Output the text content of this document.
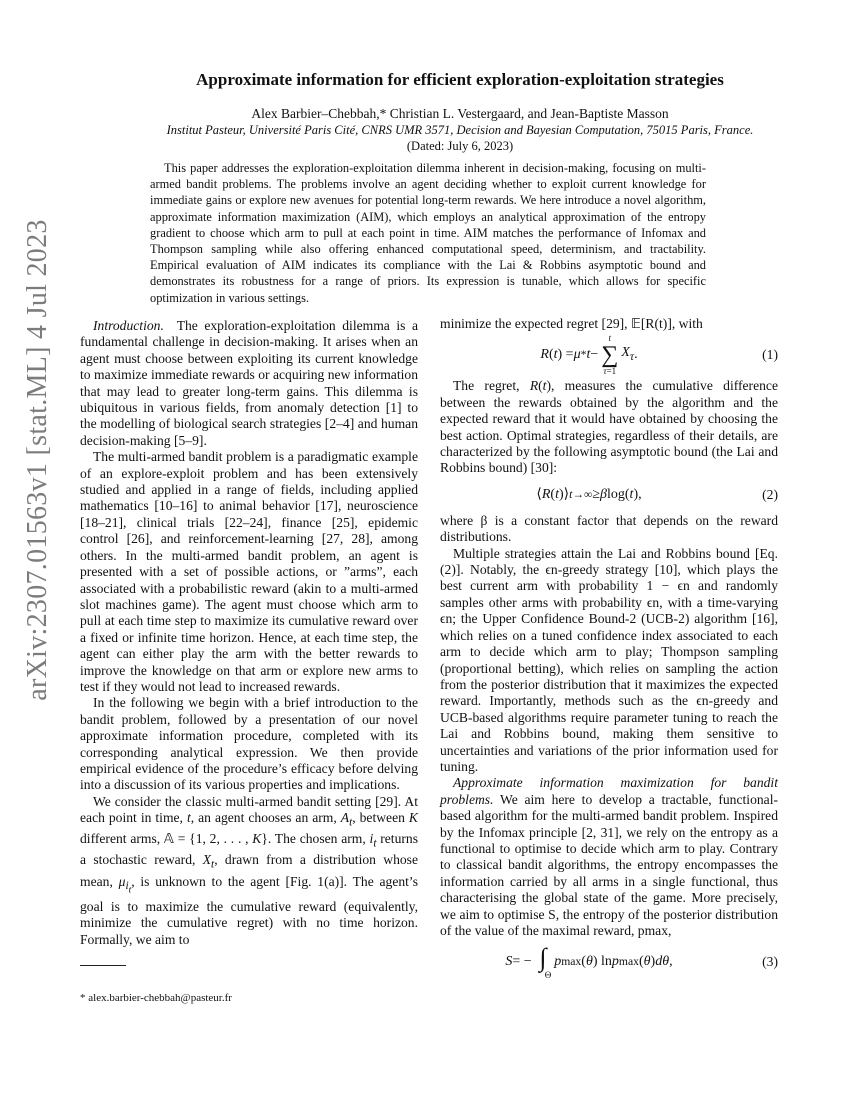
arXiv:2307.01563v1 [stat.ML] 4 Jul 2023
Approximate information for efficient exploration-exploitation strategies
Alex Barbier–Chebbah,* Christian L. Vestergaard, and Jean-Baptiste Masson
Institut Pasteur, Université Paris Cité, CNRS UMR 3571, Decision and Bayesian Computation, 75015 Paris, France.
(Dated: July 6, 2023)
This paper addresses the exploration-exploitation dilemma inherent in decision-making, focusing on multi-armed bandit problems. The problems involve an agent deciding whether to exploit current knowledge for immediate gains or explore new avenues for potential long-term rewards. We here introduce a novel algorithm, approximate information maximization (AIM), which employs an analytical approximation of the entropy gradient to choose which arm to pull at each point in time. AIM matches the performance of Infomax and Thompson sampling while also offering enhanced computational speed, determinism, and tractability. Empirical evaluation of AIM indicates its compliance with the Lai & Robbins asymptotic bound and demonstrates its robustness for a range of priors. Its expression is tunable, which allows for specific optimization in various settings.

Introduction. The exploration-exploitation dilemma is a fundamental challenge in decision-making. It arises when an agent must choose between exploiting its current knowledge to maximize immediate rewards or acquiring new information that may lead to greater long-term gains. This dilemma is ubiquitous in various fields, from anomaly detection [1] to the modelling of biological search strategies [2–4] and human decision-making [5–9].

The multi-armed bandit problem is a paradigmatic example of an explore-exploit problem and has been extensively studied and applied in a range of fields, including applied mathematics [10–16] to animal behavior [17], neuroscience [18–21], clinical trials [22–24], finance [25], epidemic control [26], and reinforcement-learning [27, 28], among others. In the multi-armed bandit problem, an agent is presented with a set of possible actions, or ”arms”, each associated with a probabilistic reward (akin to a multi-armed slot machines game). The agent must choose which arm to pull at each time step to maximize its cumulative reward over a fixed or infinite time horizon. Hence, at each time step, the agent can either play the arm with the better rewards to improve the knowledge on that arm or explore new arms to test if they would not lead to increased rewards.

In the following we begin with a brief introduction to the bandit problem, followed by a presentation of our novel approximate information procedure, completed with its corresponding analytical expression. We then provide empirical evidence of the procedure’s efficacy before delving into a discussion of its various properties and implications.

We consider the classic multi-armed bandit setting [29]. At each point in time, t, an agent chooses an arm, $A_t$, between K different arms, 𝔸 = {1, 2, . . . , K}. The chosen arm, $i_t$ returns a stochastic reward, $X_t$, drawn from a distribution whose mean, $\mu_{i_t}$, is unknown to the agent [Fig. 1(a)]. The agent’s goal is to maximize the cumulative reward (equivalently, minimize the cumulative regret) with no time horizon. Formally, we aim to

minimize the expected regret [29], 𝔼[R(t)], with

R ( t ) = μ * t −
t
∑
τ=1
$X_\tau$ .	(1)

The regret, R(t), measures the cumulative difference between the rewards obtained by the algorithm and the expected reward that it would have obtained by choosing the best action. Optimal strategies, regardless of their details, are characterized by the following asymptotic bound (the Lai and Robbins bound) [30]:

⟨ R ( t )⟩ t→∞ ≥ β log( t ),	(2)

where β is a constant factor that depends on the reward distributions.

Multiple strategies attain the Lai and Robbins bound [Eq. (2)]. Notably, the ϵn-greedy strategy [10], which plays the best current arm with probability 1 − ϵn and randomly samples other arms with probability ϵn, with a time-varying ϵn; the Upper Confidence Bound-2 (UCB-2) algorithm [16], which relies on a tuned confidence index associated to each arm to decide which arm to play; Thompson sampling (proportional betting), which relies on sampling the action from the posterior distribution that it maximizes the expected reward. Importantly, methods such as the ϵn-greedy and UCB-based algorithms require parameter tuning to reach the Lai and Robbins bound, making them sensitive to uncertainties and variations of the prior information used for tuning.

Approximate information maximization for bandit problems. We aim here to develop a tractable, functional-based algorithm for the multi-armed bandit problem. Inspired by the Infomax principle [2, 31], we rely on the entropy as a functional to optimise to decide which arm to play. Contrary to classical bandit algorithms, the entropy encompasses the information carried by all arms in a single functional, thus characterising the global state of the game. More precisely, we aim to optimise S, the entropy of the posterior distribution of the value of the maximal reward, pmax,

S = − ∫
Θ
p max ( θ ) ln p max ( θ ) dθ ,	(3)
* alex.barbier-chebbah@pasteur.fr
